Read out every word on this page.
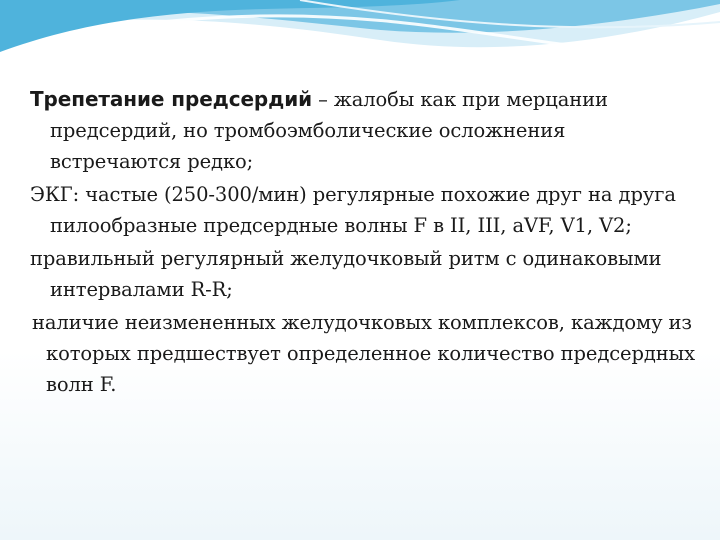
Трепетание предсердий – жалобы как при мерцании предсердий, но тромбоэмболические осложнения встречаются редко;

ЭКГ: частые (250-300/мин) регулярные похожие друг на друга пилообразные предсердные волны F в II, III, aVF, V1, V2;

правильный регулярный желудочковый ритм с одинаковыми интервалами R-R;

наличие неизмененных желудочковых комплексов, каждому из которых предшествует определенное количество предсердных волн F.
